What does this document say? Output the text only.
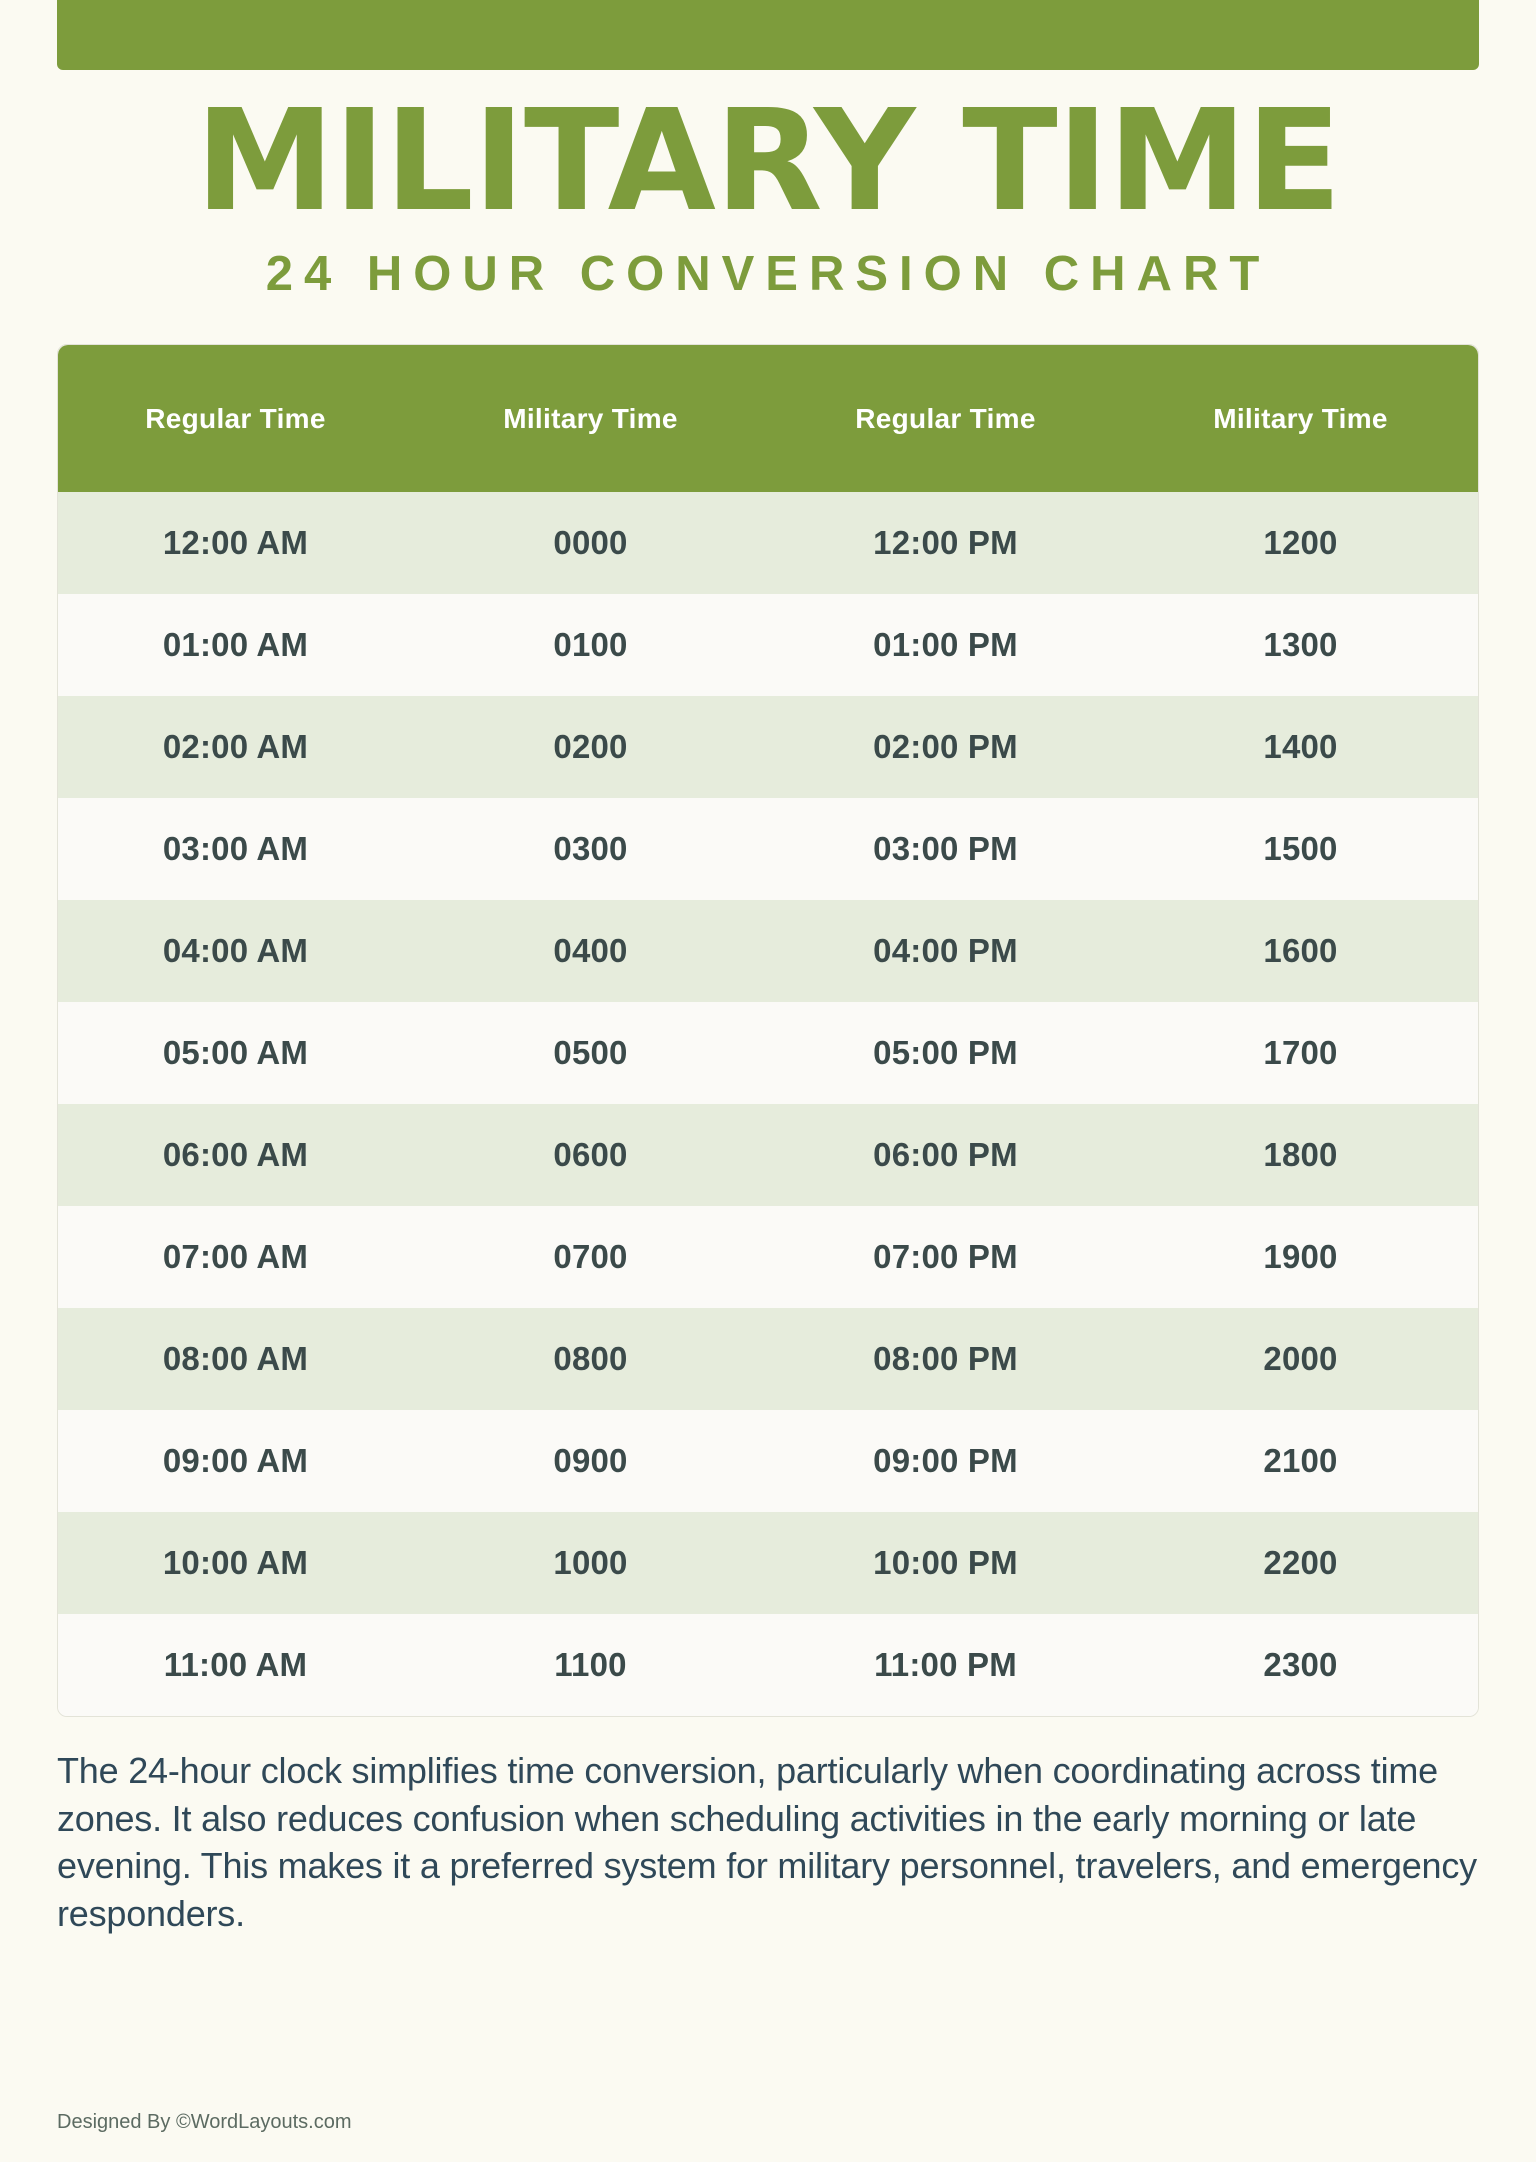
MILITARY TIME
24 HOUR CONVERSION CHART
Regular Time	Military Time	Regular Time	Military Time
12:00 AM	0000	12:00 PM	1200
01:00 AM	0100	01:00 PM	1300
02:00 AM	0200	02:00 PM	1400
03:00 AM	0300	03:00 PM	1500
04:00 AM	0400	04:00 PM	1600
05:00 AM	0500	05:00 PM	1700
06:00 AM	0600	06:00 PM	1800
07:00 AM	0700	07:00 PM	1900
08:00 AM	0800	08:00 PM	2000
09:00 AM	0900	09:00 PM	2100
10:00 AM	1000	10:00 PM	2200
11:00 AM	1100	11:00 PM	2300
The 24-hour clock simplifies time conversion, particularly when coordinating across time zones. It also reduces confusion when scheduling activities in the early morning or late evening. This makes it a preferred system for military personnel, travelers, and emergency responders.
Designed By ©WordLayouts.com
